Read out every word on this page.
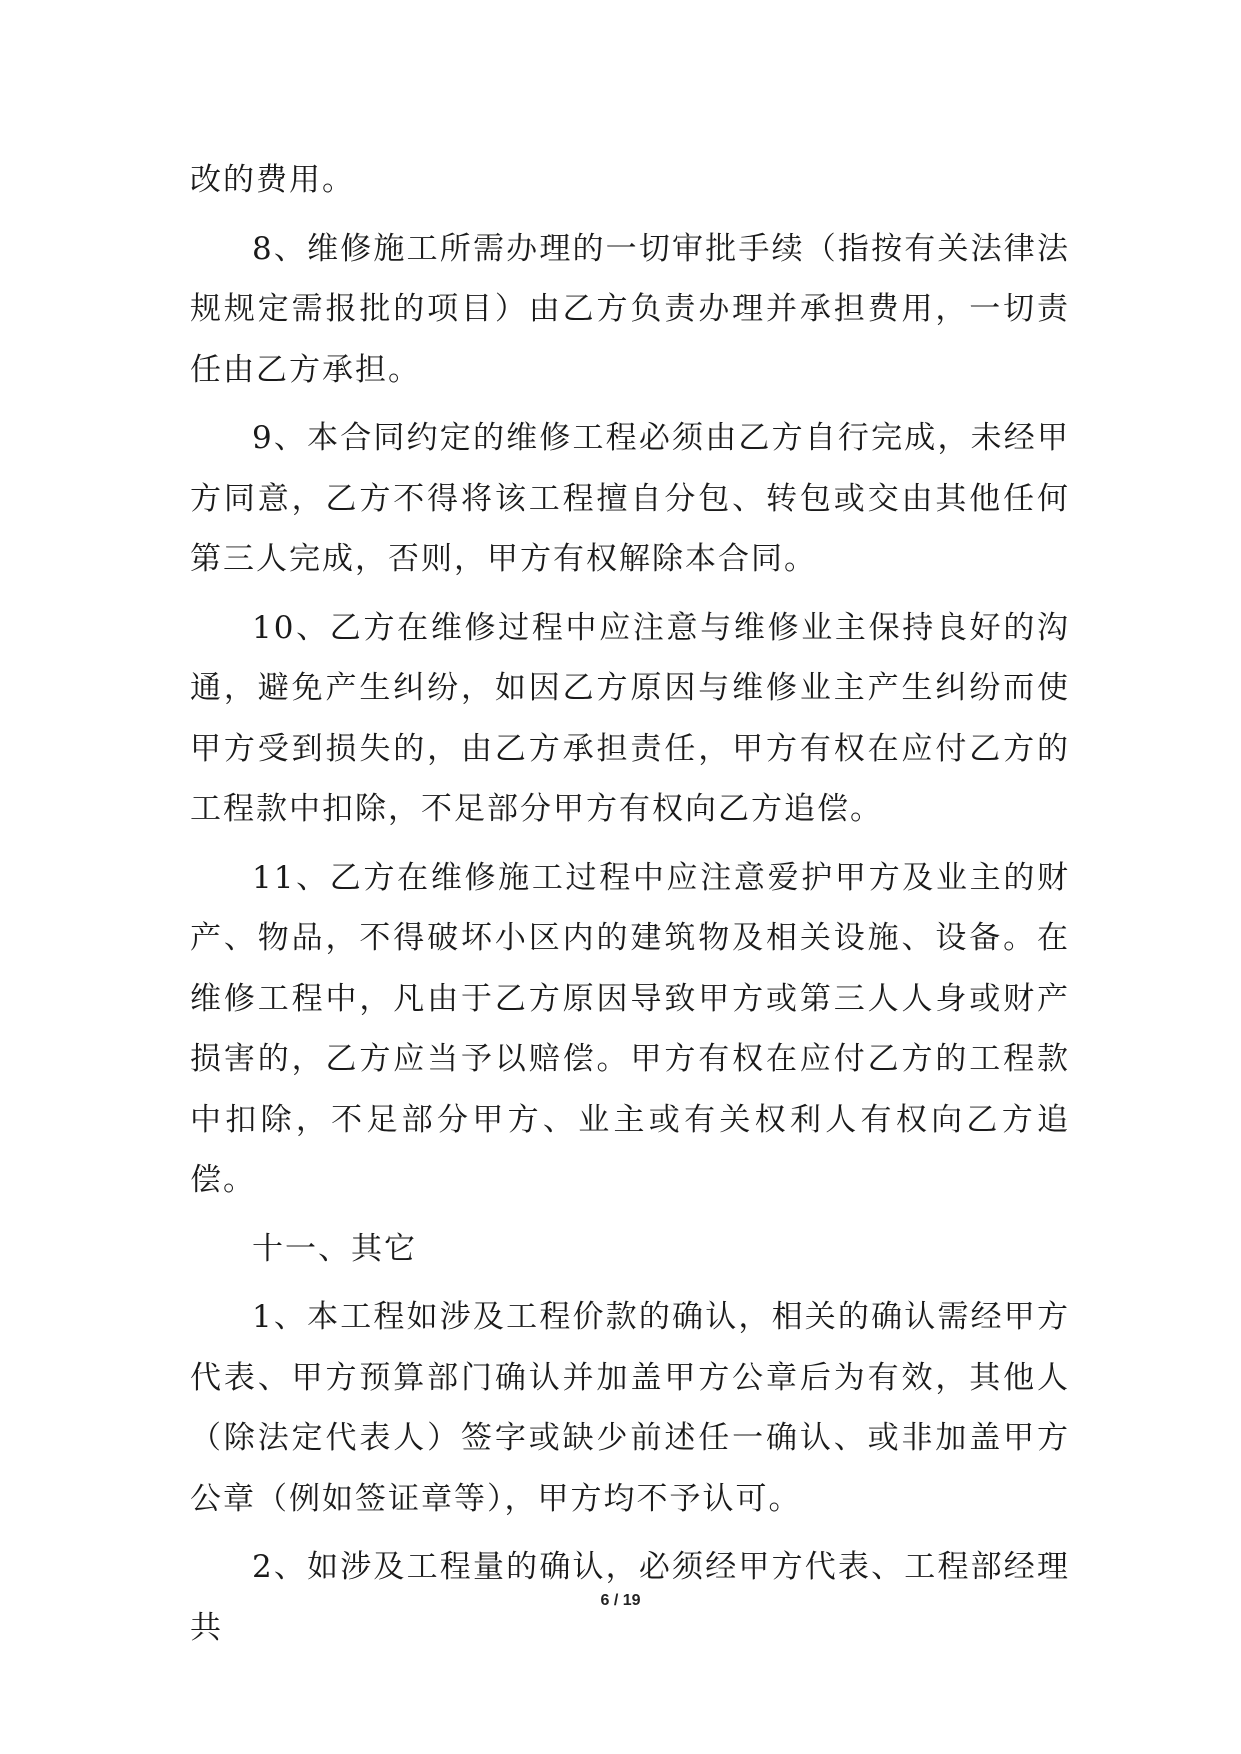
改的费用。

8、维修施工所需办理的一切审批手续（指按有关法律法规规定需报批的项目）由乙方负责办理并承担费用，一切责任由乙方承担。

9、本合同约定的维修工程必须由乙方自行完成，未经甲方同意，乙方不得将该工程擅自分包、转包或交由其他任何第三人完成，否则，甲方有权解除本合同。

10、乙方在维修过程中应注意与维修业主保持良好的沟通，避免产生纠纷，如因乙方原因与维修业主产生纠纷而使甲方受到损失的，由乙方承担责任，甲方有权在应付乙方的工程款中扣除，不足部分甲方有权向乙方追偿。

11、乙方在维修施工过程中应注意爱护甲方及业主的财产、物品，不得破坏小区内的建筑物及相关设施、设备。在维修工程中，凡由于乙方原因导致甲方或第三人人身或财产损害的，乙方应当予以赔偿。甲方有权在应付乙方的工程款中扣除，不足部分甲方、业主或有关权利人有权向乙方追偿。

十一、其它

1、本工程如涉及工程价款的确认，相关的确认需经甲方代表、甲方预算部门确认并加盖甲方公章后为有效，其他人（除法定代表人）签字或缺少前述任一确认、或非加盖甲方公章（例如签证章等），甲方均不予认可。

2、如涉及工程量的确认，必须经甲方代表、工程部经理共

6 / 19
